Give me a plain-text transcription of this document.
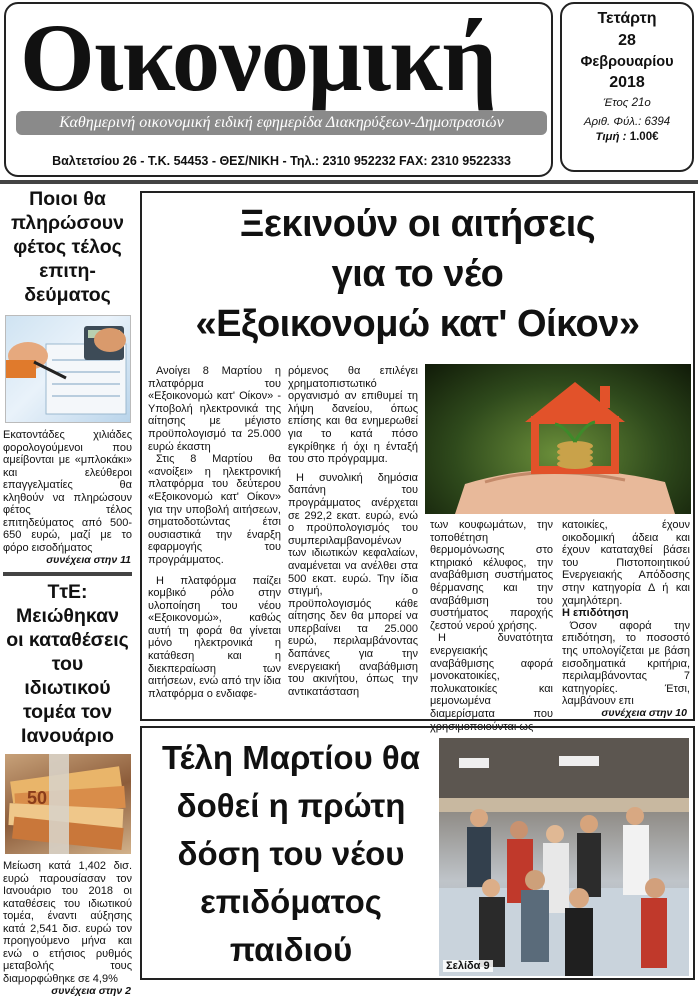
Οικονομική
Καθημερινή οικονομική ειδική εφημερίδα Διακηρύξεων-Δημοπρασιών
Βαλτετσίου 26 - Τ.Κ. 54453 - ΘΕΣ/ΝΙΚΗ - Τηλ.: 2310 952232 FAX: 2310 9522333
Τετάρτη
28
Φεβρουαρίου
2018
Έτος 21ο
Αριθ. Φύλ.: 6394
Τιμή : 1.00€
Ποιοι θα πληρώσουν φέτος τέλος επιτη-δεύματος
Εκατοντάδες χιλιάδες φορολογούμενοι που αμείβονται με «μπλοκάκι» και ελεύθεροι επαγγελματίες θα κληθούν να πληρώσουν φέτος τέλος επιτηδεύματος από 500-650 ευρώ, μαζί με το φόρο εισοδήματος
συνέχεια στην 11
ΤτΕ: Μειώθηκαν οι καταθέσεις του ιδιωτικού τομέα τον Ιανουάριο
50
Μείωση κατά 1,402 δισ. ευρώ παρουσίασαν τον Ιανουάριο του 2018 οι καταθέσεις του ιδιωτικού τομέα, έναντι αύξησης κατά 2,541 δισ. ευρώ τον προηγούμενο μήνα και ενώ ο ετήσιος ρυθμός μεταβολής τους διαμορφώθηκε σε 4,9%
συνέχεια στην 2
Ξεκινούν οι αιτήσεις
για το νέο
«Εξοικονομώ κατ' Οίκον»

Ανοίγει 8 Μαρτίου η πλατφόρμα του «Εξοικονομώ κατ' Οίκον» - Υποβολή ηλεκτρονικά της αίτησης με μέγιστο προϋπολογισμό τα 25.000 ευρώ έκαστη

Στις 8 Μαρτίου θα «ανοίξει» η ηλεκτρονική πλατφόρμα του δεύτερου «Εξοικονομώ κατ' Οίκον» για την υποβολή αιτήσεων, σηματοδοτώντας έτσι ουσιαστικά την έναρξη εφαρμογής του προγράμματος.

Η πλατφόρμα παίζει κομβικό ρόλο στην υλοποίηση του νέου «Εξοικονομώ», καθώς αυτή τη φορά θα γίνεται μόνο ηλεκτρονικά η κατάθεση και η διεκπεραίωση των αιτήσεων, ενώ από την ίδια πλατφόρμα ο ενδιαφε-

ρόμενος θα επιλέγει χρηματοπιστωτικό οργανισμό αν επιθυμεί τη λήψη δανείου, όπως επίσης και θα ενημερωθεί για το κατά πόσο εγκρίθηκε ή όχι η ένταξή του στο πρόγραμμα.

Η συνολική δημόσια δαπάνη του προγράμματος ανέρχεται σε 292,2 εκατ. ευρώ, ενώ ο προϋπολογισμός του συμπεριλαμβανομένων των ιδιωτικών κεφαλαίων, αναμένεται να ανέλθει στα 500 εκατ. ευρώ. Την ίδια στιγμή, ο προϋπολογισμός κάθε αίτησης δεν θα μπορεί να υπερβαίνει τα 25.000 ευρώ, περιλαμβάνοντας δαπάνες για την ενεργειακή αναβάθμιση του ακινήτου, όπως την αντικατάσταση

των κουφωμάτων, την τοποθέτηση θερμομόνωσης στο κτηριακό κέλυφος, την αναβάθμιση συστήματος θέρμανσης και την αναβάθμιση του συστήματος παροχής ζεστού νερού χρήσης.

Η δυνατότητα ενεργειακής αναβάθμισης αφορά μονοκατοικίες, πολυκατοικίες και μεμονωμένα διαμερίσματα που χρησιμοποιούνται ως

κατοικίες, έχουν οικοδομική άδεια και έχουν καταταχθεί βάσει του Πιστοποιητικού Ενεργειακής Απόδοσης στην κατηγορία Δ ή και χαμηλότερη.

Η επιδότηση

Όσον αφορά την επιδότηση, το ποσοστό της υπολογίζεται με βάση εισοδηματικά κριτήρια, περιλαμβάνοντας 7 κατηγορίες. Έτσι, λαμβάνουν επι

συνέχεια στην 10
Τέλη Μαρτίου θα δοθεί η πρώτη δόση του νέου επιδόματος παιδιού	Σελίδα 9
